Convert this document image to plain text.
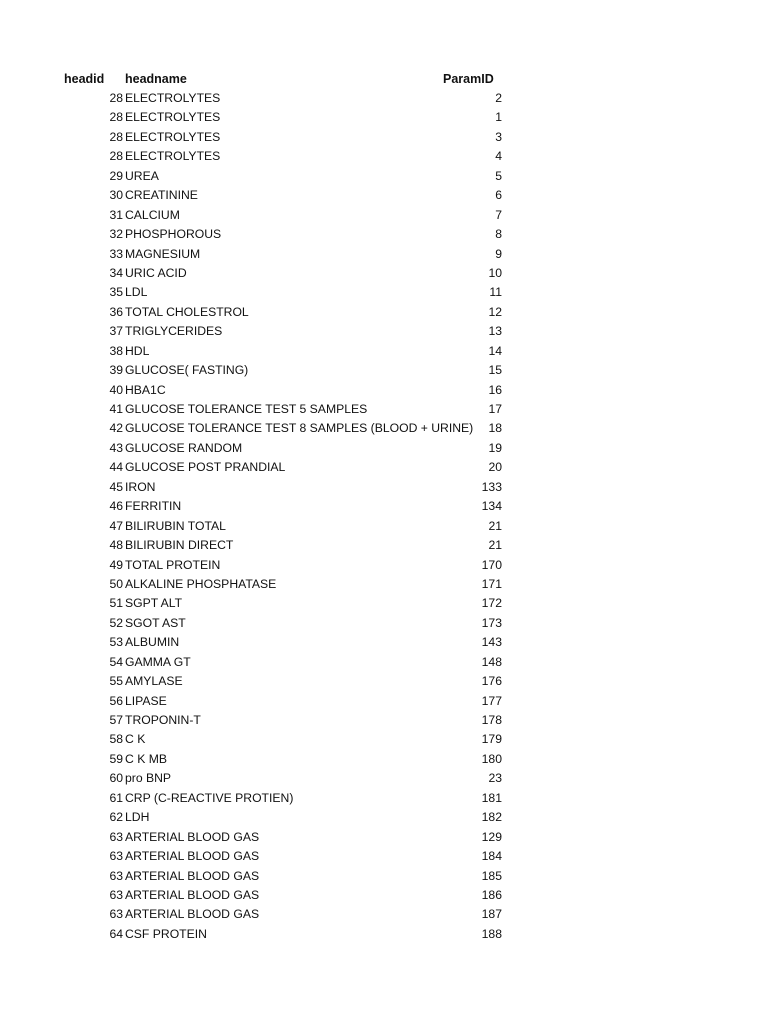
headid headname	ParamID
28 ELECTROLYTES	2
28 ELECTROLYTES	1
28 ELECTROLYTES	3
28 ELECTROLYTES	4
29 UREA	5
30 CREATININE	6
31 CALCIUM	7
32 PHOSPHOROUS	8
33 MAGNESIUM	9
34 URIC ACID	10
35 LDL	11
36 TOTAL CHOLESTROL	12
37 TRIGLYCERIDES	13
38 HDL	14
39 GLUCOSE( FASTING)	15
40 HBA1C	16
41 GLUCOSE TOLERANCE TEST 5 SAMPLES	17
42 GLUCOSE TOLERANCE TEST 8 SAMPLES (BLOOD + URINE) 18
43 GLUCOSE RANDOM	19
44 GLUCOSE POST PRANDIAL	20
45 IRON	133
46 FERRITIN	134
47 BILIRUBIN TOTAL	21
48 BILIRUBIN DIRECT	21
49 TOTAL PROTEIN	170
50 ALKALINE PHOSPHATASE	171
51 SGPT ALT	172
52 SGOT AST	173
53 ALBUMIN	143
54 GAMMA GT	148
55 AMYLASE	176
56 LIPASE	177
57 TROPONIN-T	178
58 C K	179
59 C K MB	180
60 pro BNP	23
61 CRP (C-REACTIVE PROTIEN)	181
62 LDH	182
63 ARTERIAL BLOOD GAS	129
63 ARTERIAL BLOOD GAS	184
63 ARTERIAL BLOOD GAS	185
63 ARTERIAL BLOOD GAS	186
63 ARTERIAL BLOOD GAS	187
64 CSF PROTEIN	188
